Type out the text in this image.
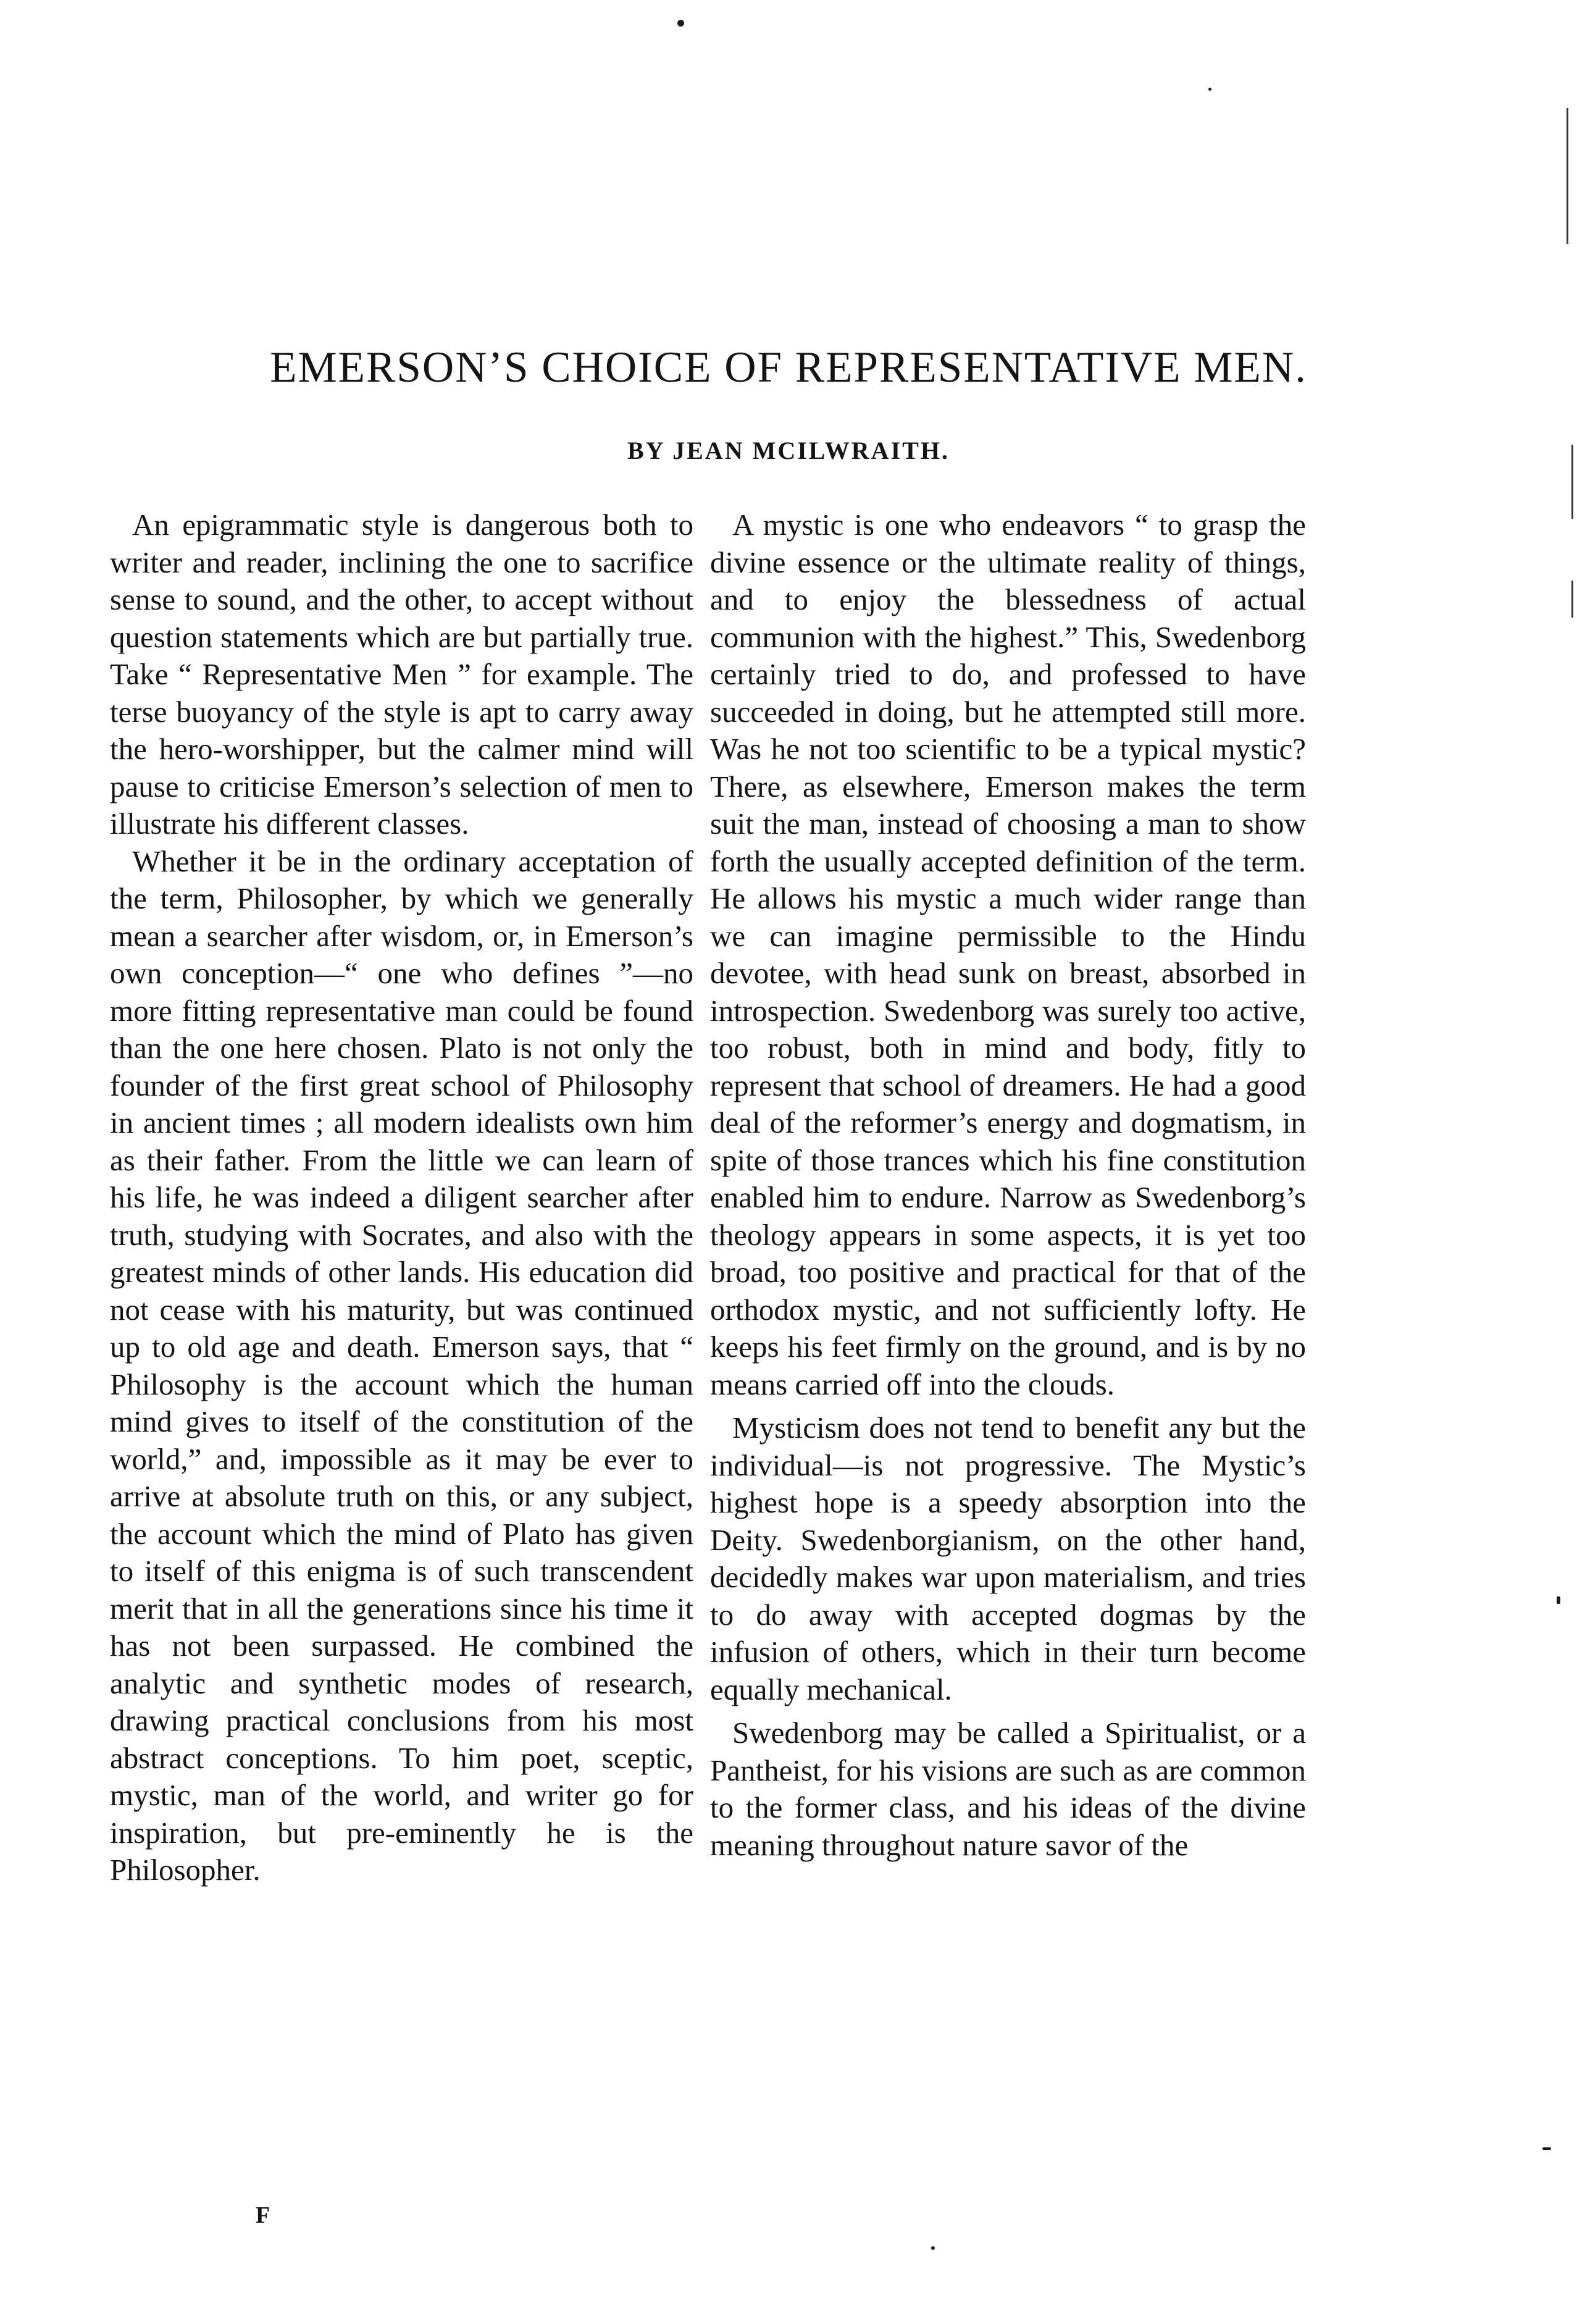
EMERSON’S CHOICE OF REPRESENTATIVE MEN.
BY JEAN MCILWRAITH.

An epigrammatic style is dangerous both to writer and reader, inclining the one to sacrifice sense to sound, and the other, to accept without question statements which are but partially true. Take “ Representative Men ” for example. The terse buoyancy of the style is apt to carry away the hero-worshipper, but the calmer mind will pause to criticise Emerson’s selection of men to illustrate his different classes.

Whether it be in the ordinary acceptation of the term, Philosopher, by which we generally mean a searcher after wisdom, or, in Emerson’s own conception—“ one who defines ”—no more fitting representative man could be found than the one here chosen. Plato is not only the founder of the first great school of Philosophy in ancient times ; all modern idealists own him as their father. From the little we can learn of his life, he was indeed a diligent searcher after truth, studying with Socrates, and also with the greatest minds of other lands. His education did not cease with his maturity, but was continued up to old age and death. Emerson says, that “ Philosophy is the account which the human mind gives to itself of the constitution of the world,” and, impossible as it may be ever to arrive at absolute truth on this, or any subject, the account which the mind of Plato has given to itself of this enigma is of such transcendent merit that in all the generations since his time it has not been surpassed. He combined the analytic and synthetic modes of research, drawing practical conclusions from his most abstract conceptions. To him poet, sceptic, mystic, man of the world, and writer go for inspiration, but pre-eminently he is the Philosopher.

A mystic is one who endeavors “ to grasp the divine essence or the ultimate reality of things, and to enjoy the blessedness of actual communion with the highest.” This, Swedenborg certainly tried to do, and professed to have succeeded in doing, but he attempted still more. Was he not too scientific to be a typical mystic? There, as elsewhere, Emerson makes the term suit the man, instead of choosing a man to show forth the usually accepted definition of the term. He allows his mystic a much wider range than we can imagine permissible to the Hindu devotee, with head sunk on breast, absorbed in introspection. Swedenborg was surely too active, too robust, both in mind and body, fitly to represent that school of dreamers. He had a good deal of the reformer’s energy and dogmatism, in spite of those trances which his fine constitution enabled him to endure. Narrow as Swedenborg’s theology appears in some aspects, it is yet too broad, too positive and practical for that of the orthodox mystic, and not sufficiently lofty. He keeps his feet firmly on the ground, and is by no means carried off into the clouds.

Mysticism does not tend to benefit any but the individual—is not progressive. The Mystic’s highest hope is a speedy absorption into the Deity. Swedenborgianism, on the other hand, decidedly makes war upon materialism, and tries to do away with accepted dogmas by the infusion of others, which in their turn become equally mechanical.

Swedenborg may be called a Spiritualist, or a Pantheist, for his visions are such as are common to the former class, and his ideas of the divine meaning throughout nature savor of the

F
